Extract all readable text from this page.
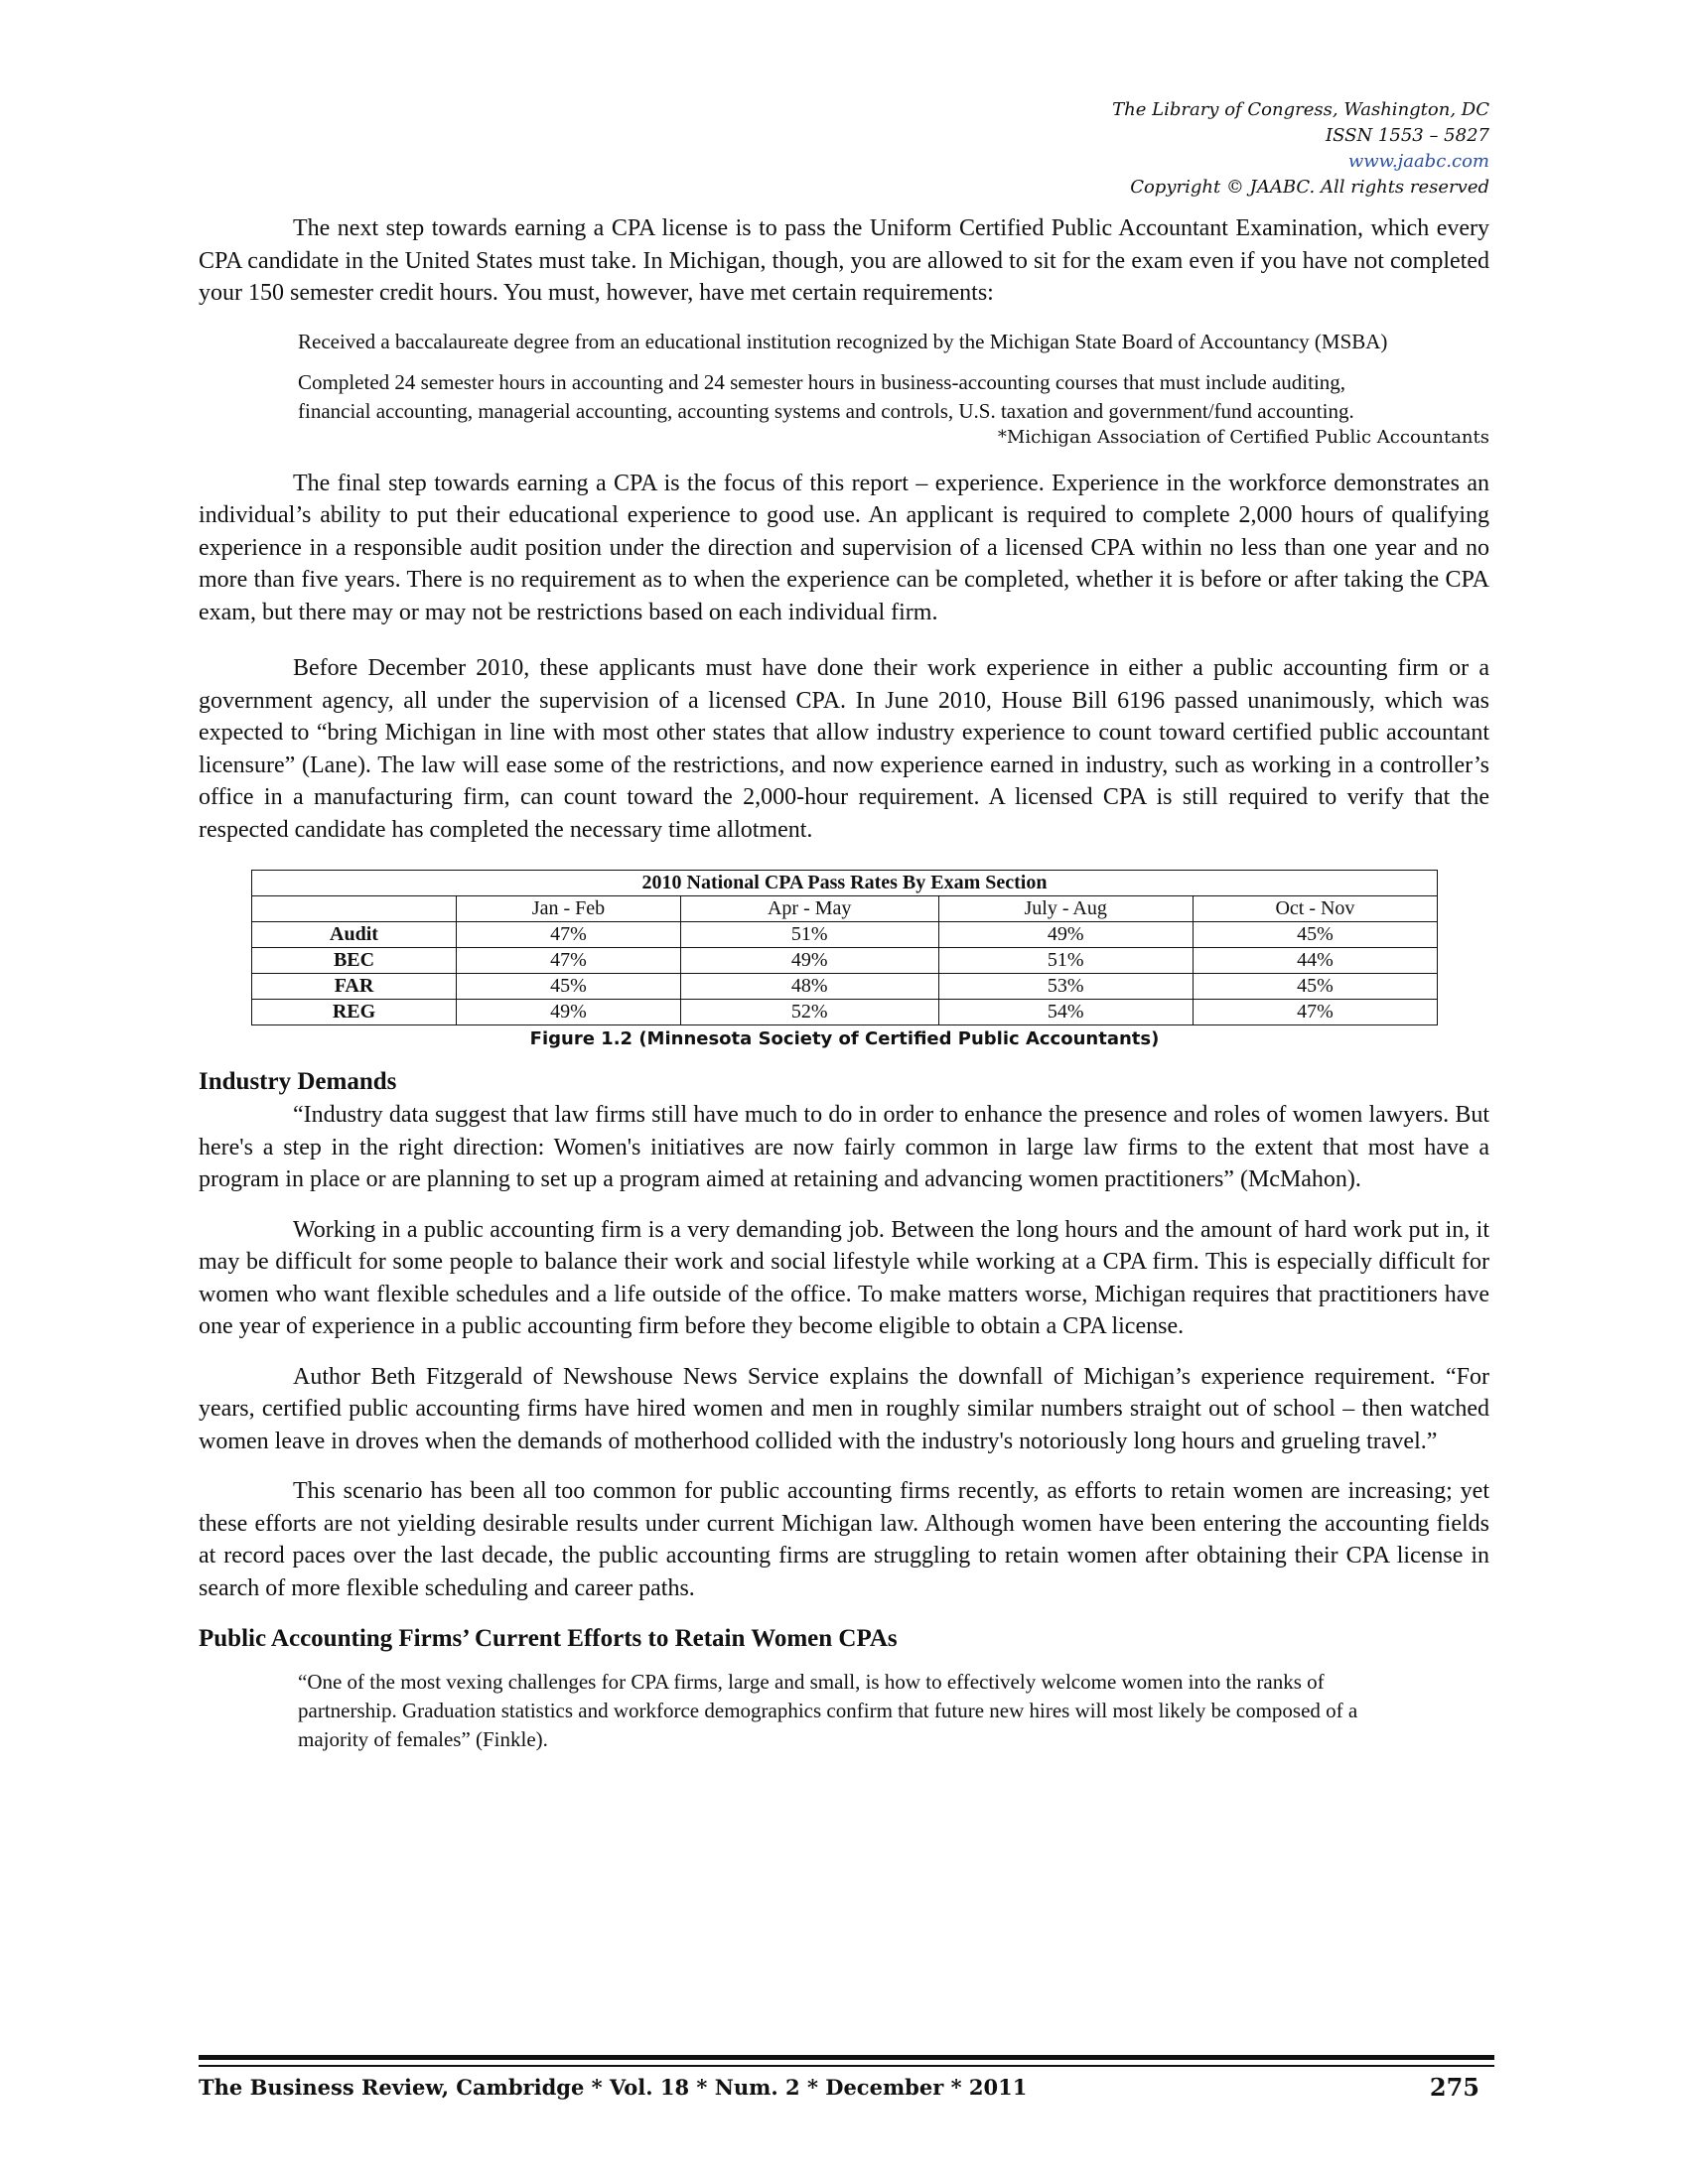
The Library of Congress, Washington, DC
ISSN 1553 – 5827
www.jaabc.com
Copyright © JAABC. All rights reserved

The next step towards earning a CPA license is to pass the Uniform Certified Public Accountant Examination, which every CPA candidate in the United States must take. In Michigan, though, you are allowed to sit for the exam even if you have not completed your 150 semester credit hours. You must, however, have met certain requirements:

Received a baccalaureate degree from an educational institution recognized by the Michigan State Board of Accountancy (MSBA)

Completed 24 semester hours in accounting and 24 semester hours in business-accounting courses that must include auditing, financial accounting, managerial accounting, accounting systems and controls, U.S. taxation and government/fund accounting.

*Michigan Association of Certified Public Accountants

The final step towards earning a CPA is the focus of this report – experience. Experience in the workforce demonstrates an individual’s ability to put their educational experience to good use. An applicant is required to complete 2,000 hours of qualifying experience in a responsible audit position under the direction and supervision of a licensed CPA within no less than one year and no more than five years. There is no requirement as to when the experience can be completed, whether it is before or after taking the CPA exam, but there may or may not be restrictions based on each individual firm.

Before December 2010, these applicants must have done their work experience in either a public accounting firm or a government agency, all under the supervision of a licensed CPA. In June 2010, House Bill 6196 passed unanimously, which was expected to “bring Michigan in line with most other states that allow industry experience to count toward certified public accountant licensure” (Lane). The law will ease some of the restrictions, and now experience earned in industry, such as working in a controller’s office in a manufacturing firm, can count toward the 2,000-hour requirement. A licensed CPA is still required to verify that the respected candidate has completed the necessary time allotment.

2010 National CPA Pass Rates By Exam Section				
	Jan - Feb	Apr - May	July - Aug	Oct - Nov
Audit	47%	51%	49%	45%
BEC	47%	49%	51%	44%
FAR	45%	48%	53%	45%
REG	49%	52%	54%	47%
Figure 1.2 (Minnesota Society of Certified Public Accountants)
Industry Demands

“Industry data suggest that law firms still have much to do in order to enhance the presence and roles of women lawyers. But here's a step in the right direction: Women's initiatives are now fairly common in large law firms to the extent that most have a program in place or are planning to set up a program aimed at retaining and advancing women practitioners” (McMahon).

Working in a public accounting firm is a very demanding job. Between the long hours and the amount of hard work put in, it may be difficult for some people to balance their work and social lifestyle while working at a CPA firm. This is especially difficult for women who want flexible schedules and a life outside of the office. To make matters worse, Michigan requires that practitioners have one year of experience in a public accounting firm before they become eligible to obtain a CPA license.

Author Beth Fitzgerald of Newshouse News Service explains the downfall of Michigan’s experience requirement. “For years, certified public accounting firms have hired women and men in roughly similar numbers straight out of school – then watched women leave in droves when the demands of motherhood collided with the industry's notoriously long hours and grueling travel.”

This scenario has been all too common for public accounting firms recently, as efforts to retain women are increasing; yet these efforts are not yielding desirable results under current Michigan law. Although women have been entering the accounting fields at record paces over the last decade, the public accounting firms are struggling to retain women after obtaining their CPA license in search of more flexible scheduling and career paths.

Public Accounting Firms’ Current Efforts to Retain Women CPAs

“One of the most vexing challenges for CPA firms, large and small, is how to effectively welcome women into the ranks of partnership. Graduation statistics and workforce demographics confirm that future new hires will most likely be composed of a majority of females” (Finkle).

The Business Review, Cambridge * Vol. 18 * Num. 2 * December * 2011	275
